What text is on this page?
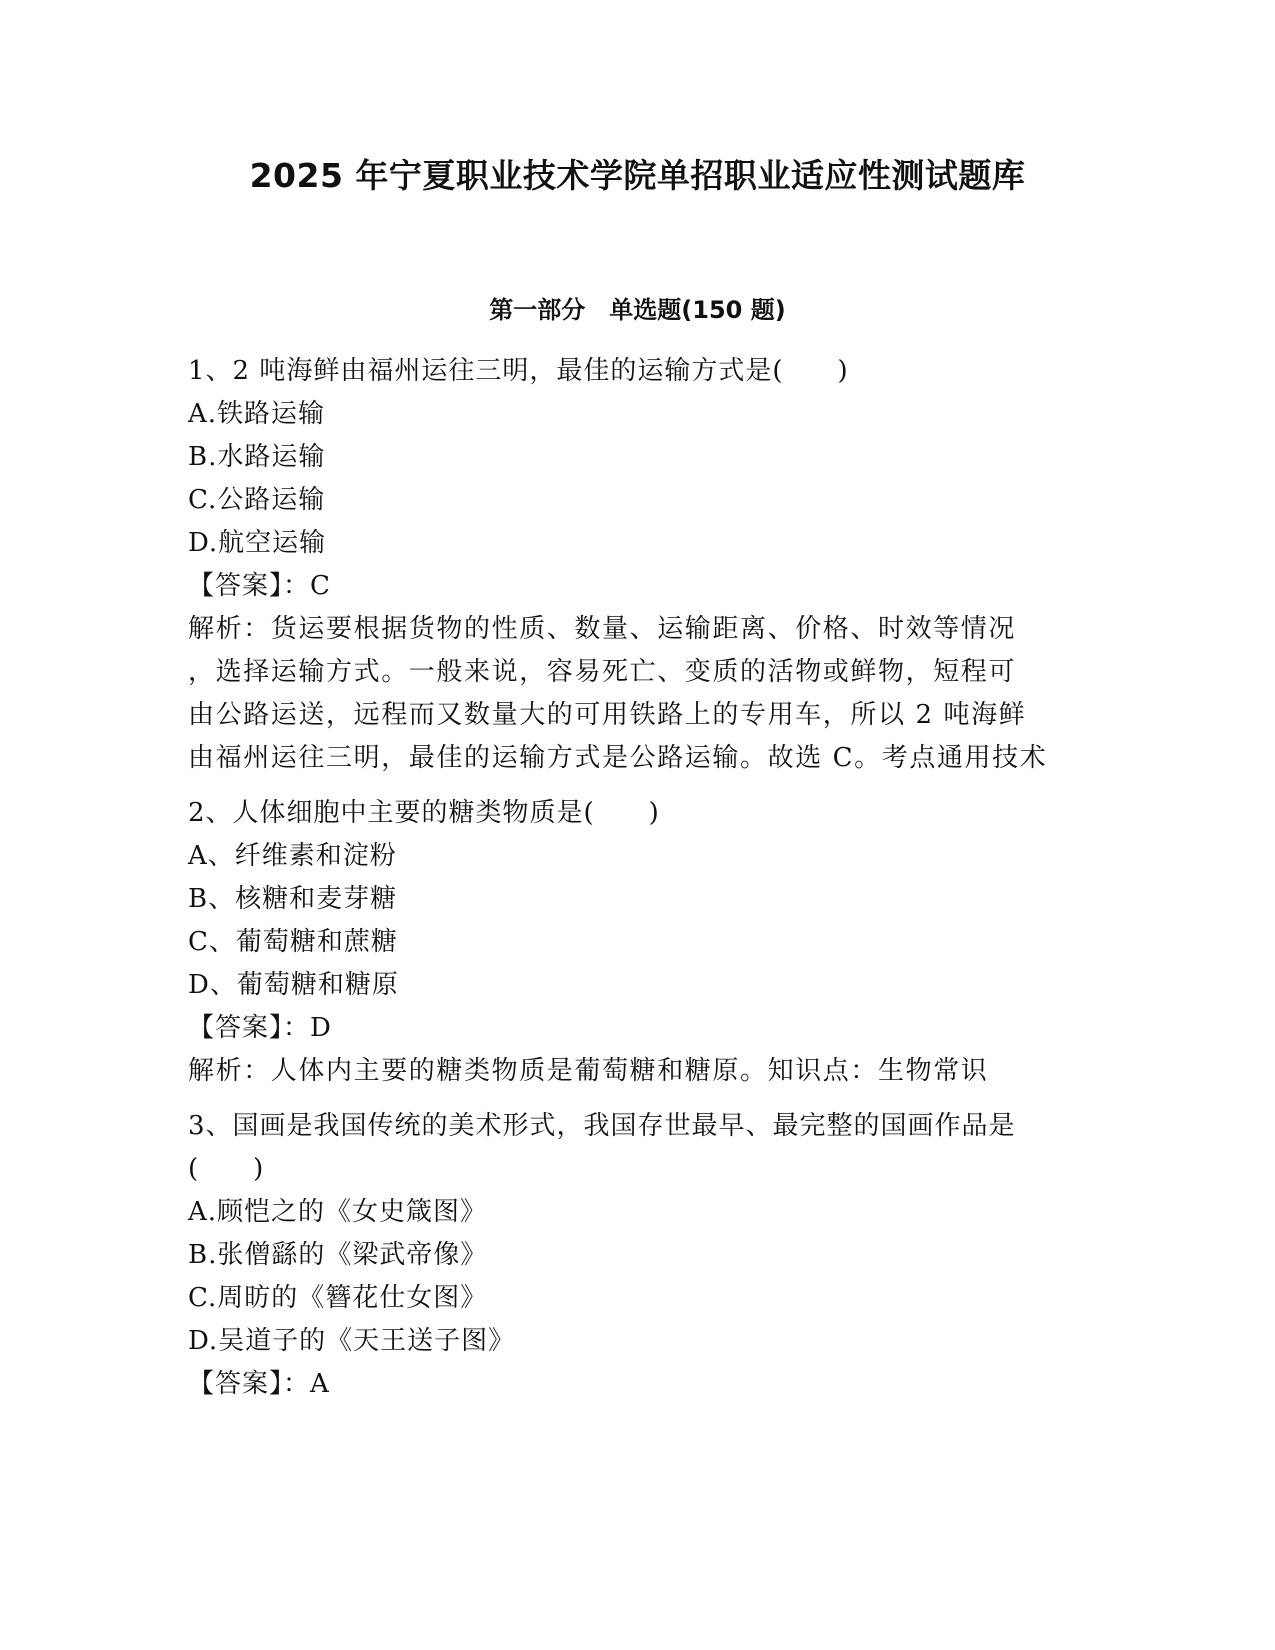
2025 年宁夏职业技术学院单招职业适应性测试题库
第一部分　单选题(150 题)
1、2 吨海鲜由福州运往三明，最佳的运输方式是(　　)
A.铁路运输
B.水路运输
C.公路运输
D.航空运输
【答案】：C
解析：货运要根据货物的性质、数量、运输距离、价格、时效等情况
，选择运输方式。一般来说，容易死亡、变质的活物或鲜物，短程可
由公路运送，远程而又数量大的可用铁路上的专用车，所以 2 吨海鲜
由福州运往三明，最佳的运输方式是公路运输。故选 C。考点通用技术
2、人体细胞中主要的糖类物质是(　　)
A、纤维素和淀粉
B、核糖和麦芽糖
C、葡萄糖和蔗糖
D、葡萄糖和糖原
【答案】：D
解析：人体内主要的糖类物质是葡萄糖和糖原。知识点：生物常识
3、国画是我国传统的美术形式，我国存世最早、最完整的国画作品是
(　　)
A.顾恺之的《女史箴图》
B.张僧繇的《梁武帝像》
C.周昉的《簪花仕女图》
D.吴道子的《天王送子图》
【答案】：A
